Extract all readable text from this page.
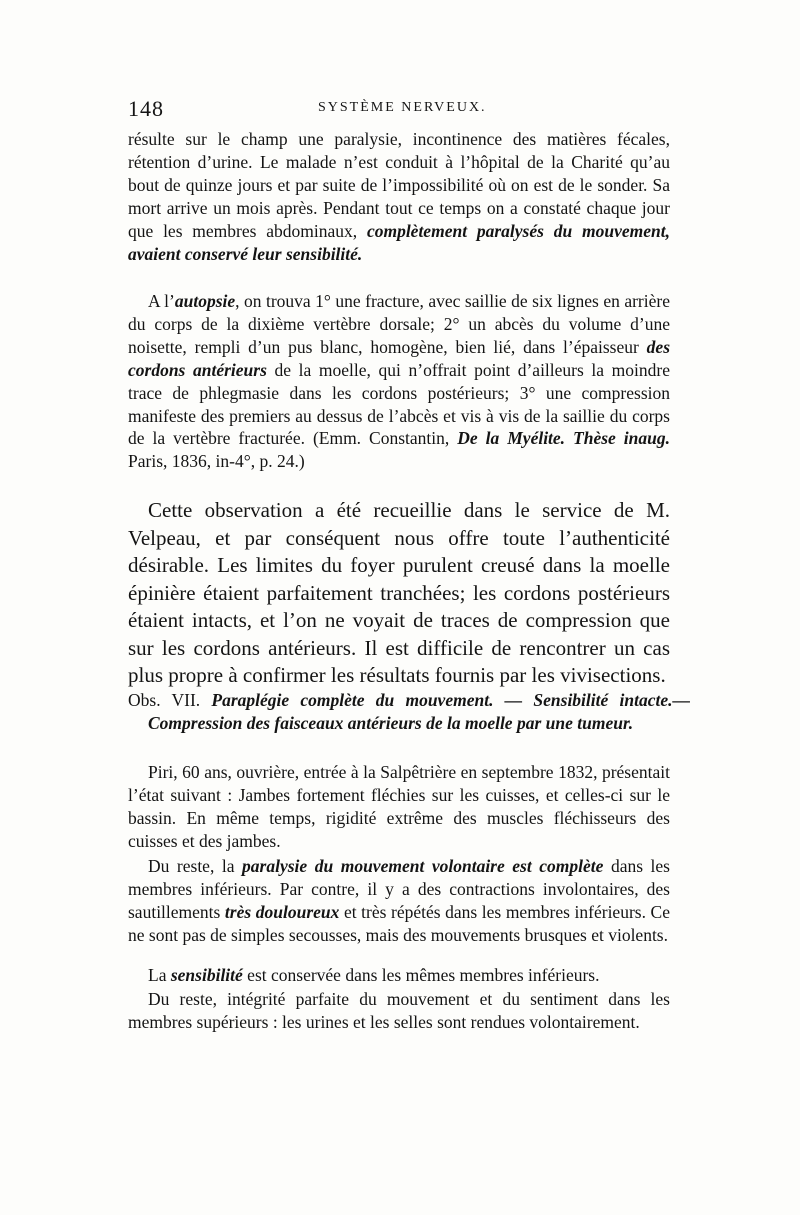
148	SYSTÈME NERVEUX.

résulte sur le champ une paralysie, incontinence des matières fécales, rétention d’urine. Le malade n’est conduit à l’hôpital de la Charité qu’au bout de quinze jours et par suite de l’impossibilité où on est de le sonder. Sa mort arrive un mois après. Pendant tout ce temps on a constaté chaque jour que les membres abdominaux, complètement paralysés du mouvement, avaient conservé leur sensibilité.

A l’autopsie, on trouva 1° une fracture, avec saillie de six lignes en arrière du corps de la dixième vertèbre dorsale; 2° un abcès du volume d’une noisette, rempli d’un pus blanc, homogène, bien lié, dans l’épaisseur des cordons antérieurs de la moelle, qui n’offrait point d’ailleurs la moindre trace de phlegmasie dans les cordons postérieurs; 3° une compression manifeste des premiers au dessus de l’abcès et vis à vis de la saillie du corps de la vertèbre fracturée. (Emm. Constantin, De la Myélite. Thèse inaug. Paris, 1836, in-4°, p. 24.)

Cette observation a été recueillie dans le service de M. Velpeau, et par conséquent nous offre toute l’authenticité désirable. Les limites du foyer purulent creusé dans la moelle épinière étaient parfaitement tranchées; les cordons postérieurs étaient intacts, et l’on ne voyait de traces de compression que sur les cordons antérieurs. Il est difficile de rencontrer un cas plus propre à confirmer les résultats fournis par les vivisections.

Obs. VII. Paraplégie complète du mouvement. — Sensibilité intacte.—Compression des faisceaux antérieurs de la moelle par une tumeur.

Piri, 60 ans, ouvrière, entrée à la Salpêtrière en septembre 1832, présentait l’état suivant : Jambes fortement fléchies sur les cuisses, et celles-ci sur le bassin. En même temps, rigidité extrême des muscles fléchisseurs des cuisses et des jambes.

Du reste, la paralysie du mouvement volontaire est complète dans les membres inférieurs. Par contre, il y a des contractions involontaires, des sautillements très douloureux et très répétés dans les membres inférieurs. Ce ne sont pas de simples secousses, mais des mouvements brusques et violents.

La sensibilité est conservée dans les mêmes membres inférieurs.

Du reste, intégrité parfaite du mouvement et du sentiment dans les membres supérieurs : les urines et les selles sont rendues volontairement.
